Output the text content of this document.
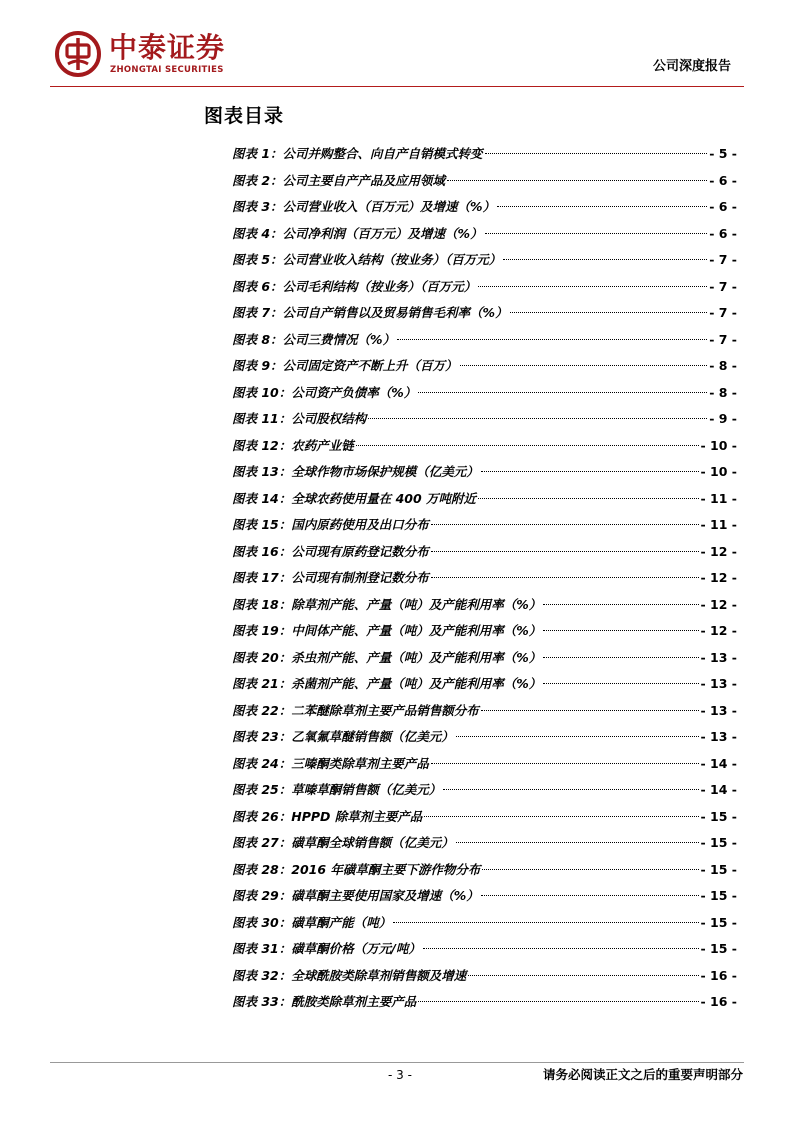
中泰证券
ZHONGTAI SECURITIES	公司深度报告
图表目录
图表 1：公司并购整合、向自产自销模式转变	- 5 -
图表 2：公司主要自产产品及应用领域	- 6 -
图表 3：公司营业收入（百万元）及增速（%）	- 6 -
图表 4：公司净利润（百万元）及增速（%）	- 6 -
图表 5：公司营业收入结构（按业务）（百万元）	- 7 -
图表 6：公司毛利结构（按业务）（百万元）	- 7 -
图表 7：公司自产销售以及贸易销售毛利率（%）	- 7 -
图表 8：公司三费情况（%）	- 7 -
图表 9：公司固定资产不断上升（百万）	- 8 -
图表 10：公司资产负债率（%）	- 8 -
图表 11：公司股权结构	- 9 -
图表 12：农药产业链	- 10 -
图表 13：全球作物市场保护规模（亿美元）	- 10 -
图表 14：全球农药使用量在 400 万吨附近	- 11 -
图表 15：国内原药使用及出口分布	- 11 -
图表 16：公司现有原药登记数分布	- 12 -
图表 17：公司现有制剂登记数分布	- 12 -
图表 18：除草剂产能、产量（吨）及产能利用率（%）	- 12 -
图表 19：中间体产能、产量（吨）及产能利用率（%）	- 12 -
图表 20：杀虫剂产能、产量（吨）及产能利用率（%）	- 13 -
图表 21：杀菌剂产能、产量（吨）及产能利用率（%）	- 13 -
图表 22：二苯醚除草剂主要产品销售额分布	- 13 -
图表 23：乙氧氟草醚销售额（亿美元）	- 13 -
图表 24：三嗪酮类除草剂主要产品	- 14 -
图表 25：草嗪草酮销售额（亿美元）	- 14 -
图表 26：HPPD 除草剂主要产品	- 15 -
图表 27：磺草酮全球销售额（亿美元）	- 15 -
图表 28：2016 年磺草酮主要下游作物分布	- 15 -
图表 29：磺草酮主要使用国家及增速（%）	- 15 -
图表 30：磺草酮产能（吨）	- 15 -
图表 31：磺草酮价格（万元/吨）	- 15 -
图表 32：全球酰胺类除草剂销售额及增速	- 16 -
图表 33：酰胺类除草剂主要产品	- 16 -
- 3 -	请务必阅读正文之后的重要声明部分
